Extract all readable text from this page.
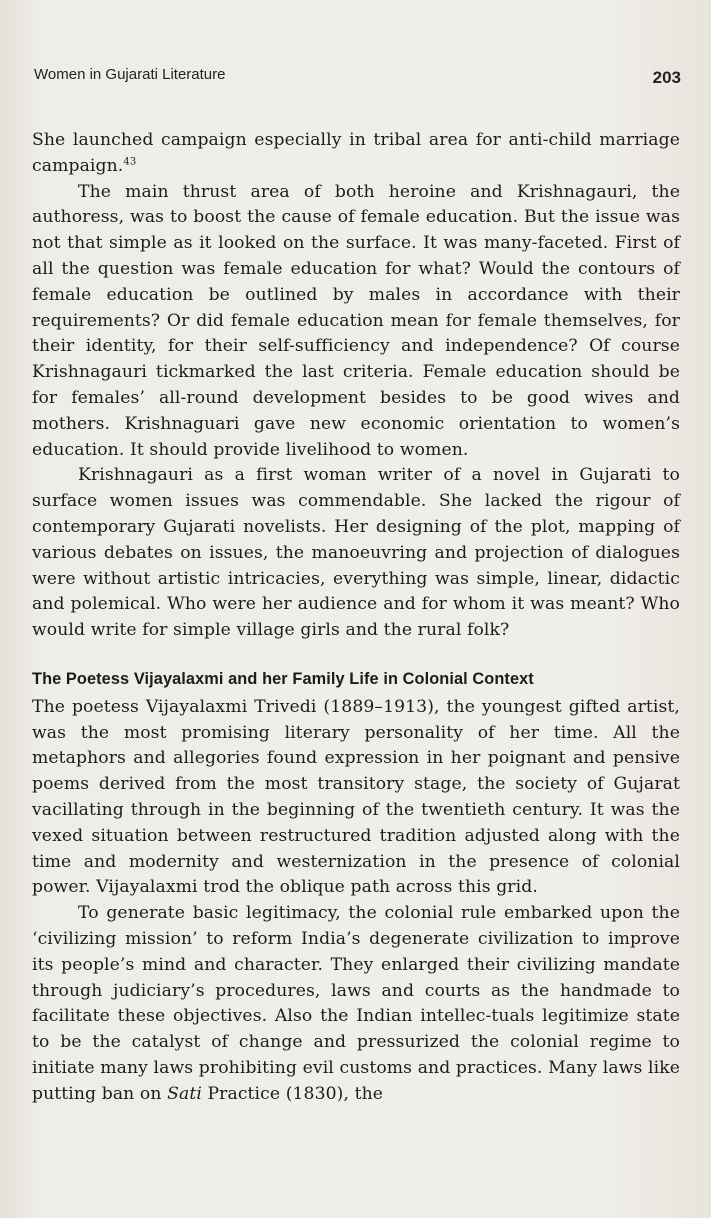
Women in Gujarati Literature	203

She launched campaign especially in tribal area for anti-child marriage campaign.$^{43}$

The main thrust area of both heroine and Krishnagauri, the authoress, was to boost the cause of female education. But the issue was not that simple as it looked on the surface. It was many-faceted. First of all the question was female education for what? Would the contours of female education be outlined by males in accordance with their requirements? Or did female education mean for female themselves, for their identity, for their self-sufficiency and independence? Of course Krishnagauri tickmarked the last criteria. Female education should be for females’ all-round development besides to be good wives and mothers. Krishnaguari gave new economic orientation to women’s education. It should provide livelihood to women.

Krishnagauri as a first woman writer of a novel in Gujarati to surface women issues was commendable. She lacked the rigour of contemporary Gujarati novelists. Her designing of the plot, mapping of various debates on issues, the manoeuvring and projection of dialogues were without artistic intricacies, everything was simple, linear, didactic and polemical. Who were her audience and for whom it was meant? Who would write for simple village girls and the rural folk?

The Poetess Vijayalaxmi and her Family Life in Colonial Context

The poetess Vijayalaxmi Trivedi (1889–1913), the youngest gifted artist, was the most promising literary personality of her time. All the metaphors and allegories found expression in her poignant and pensive poems derived from the most transitory stage, the society of Gujarat vacillating through in the beginning of the twentieth century. It was the vexed situation between restructured tradition adjusted along with the time and modernity and westernization in the presence of colonial power. Vijayalaxmi trod the oblique path across this grid.

To generate basic legitimacy, the colonial rule embarked upon the ‘civilizing mission’ to reform India’s degenerate civilization to improve its people’s mind and character. They enlarged their civilizing mandate through judiciary’s procedures, laws and courts as the handmade to facilitate these objectives. Also the Indian intellec-tuals legitimize state to be the catalyst of change and pressurized the colonial regime to initiate many laws prohibiting evil customs and practices. Many laws like putting ban on Sati Practice (1830), the
